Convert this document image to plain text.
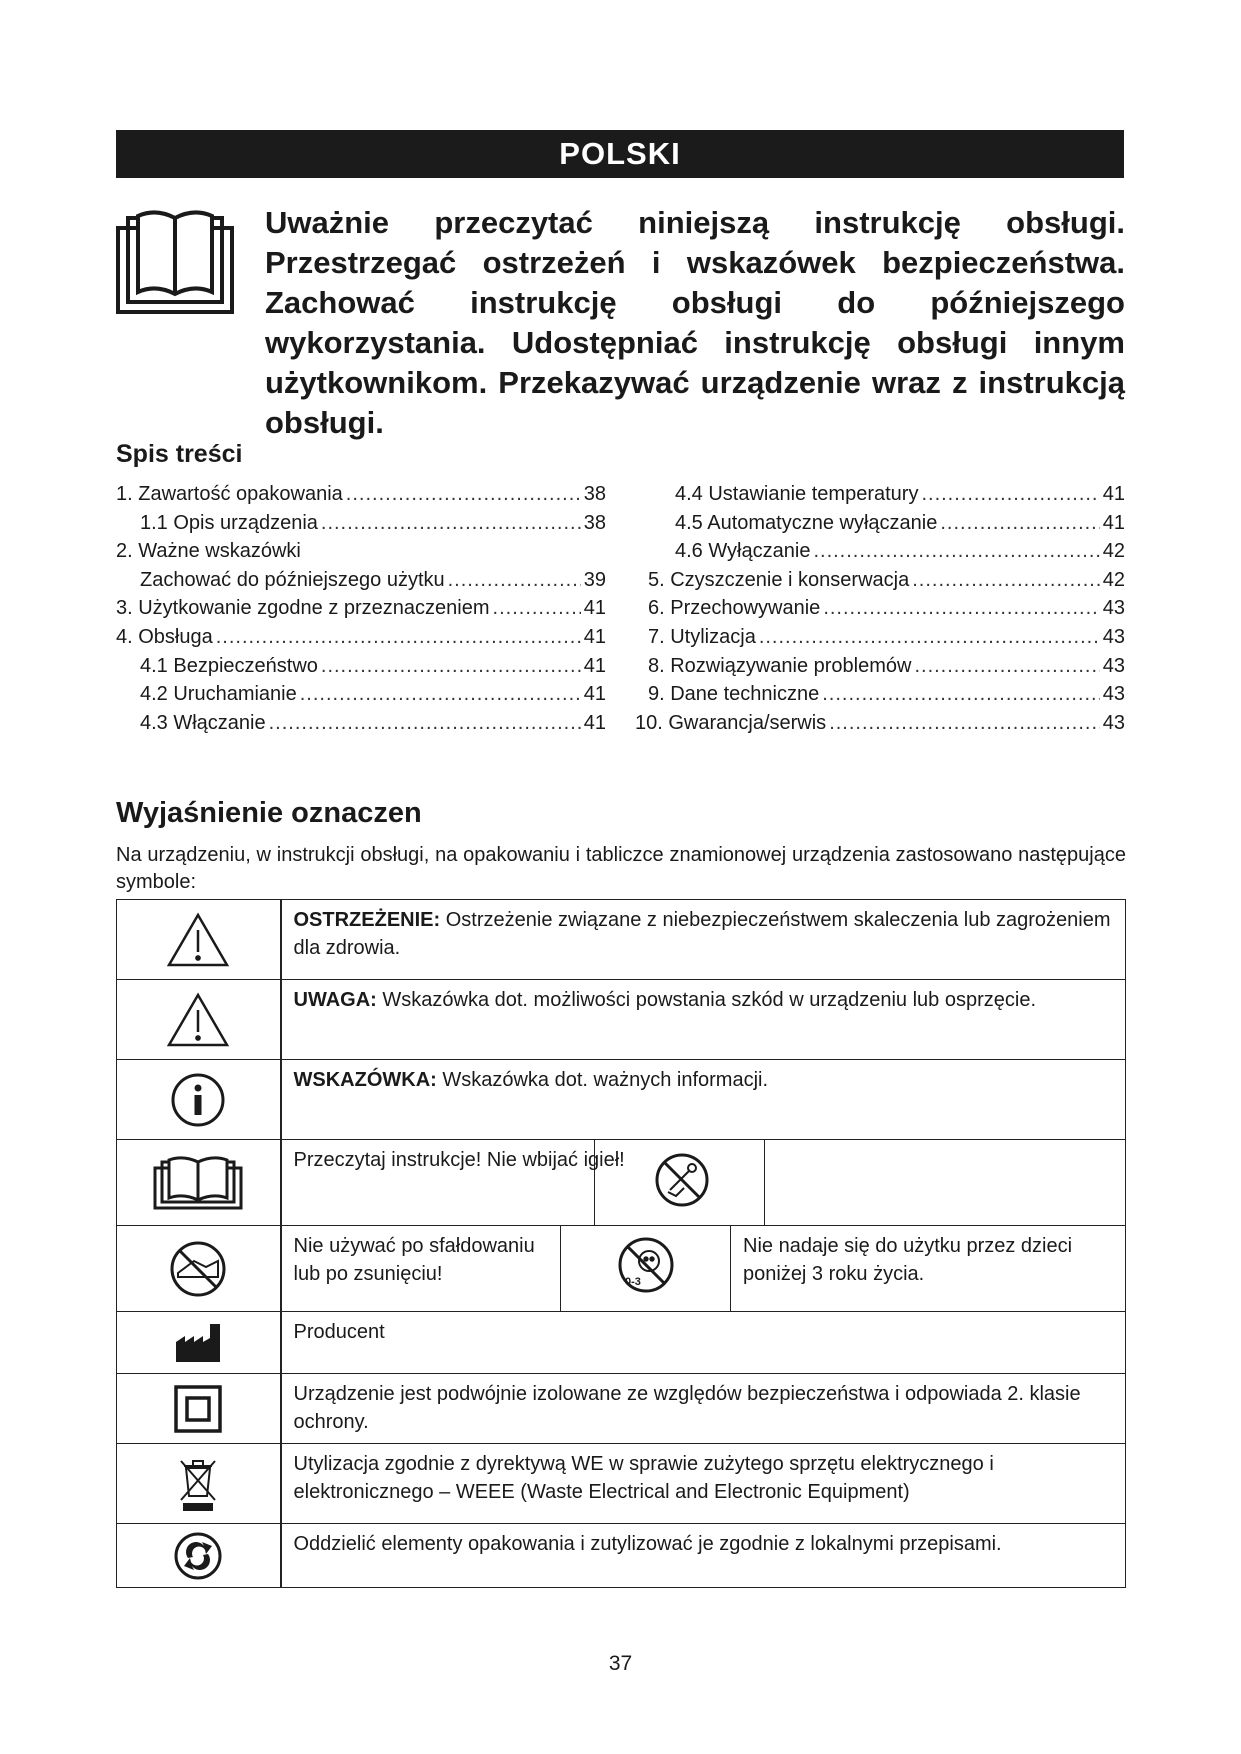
POLSKI
Uważnie przeczytać niniejszą instrukcję obsługi. Przestrzegać ostrzeżeń i wskazówek bezpieczeństwa. Zachować instrukcję obsługi do późniejszego wykorzystania. Udostępniać instrukcję obsługi innym użytkownikom. Przekazywać urządzenie wraz z instrukcją obsługi.
Spis treści
1. Zawartość opakowania .....	38
1.1 Opis urządzenia .....	38
2. Ważne wskazówki
Zachować do późniejszego użytku .....	39
3. Użytkowanie zgodne z przeznaczeniem .....	41
4. Obsługa .....	41
4.1 Bezpieczeństwo .....	41
4.2 Uruchamianie .....	41
4.3 Włączanie .....	41
4.4 Ustawianie temperatury .....	41
4.5 Automatyczne wyłączanie .....	41
4.6 Wyłączanie .....	42
5. Czyszczenie i konserwacja .....	42
6. Przechowywanie .....	43
7. Utylizacja .....	43
8. Rozwiązywanie problemów .....	43
9. Dane techniczne .....	43
10. Gwarancja/serwis .....	43
Wyjaśnienie oznaczen
Na urządzeniu, w instrukcji obsługi, na opakowaniu i tabliczce znamionowej urządzenia zastosowano następujące symbole:
	OSTRZEŻENIE: Ostrzeżenie związane z niebezpieczeństwem skaleczenia lub zagrożeniem dla zdrowia.		

	UWAGA: Wskazówka dot. możliwości powstania szkód w urządzeniu lub osprzęcie.		

	WSKAZÓWKA: Wskazówka dot. ważnych informacji.		

Przeczytaj instrukcje! Nie wbijać igieł!		

	Nie używać po sfałdowaniu lub po zsunięciu!	0-3	Nie nadaje się do użytku przez dzieci poniżej 3 roku życia.

	Producent		

	Urządzenie jest podwójnie izolowane ze względów bezpieczeństwa i odpowiada 2. klasie ochrony.		

	Utylizacja zgodnie z dyrektywą WE w sprawie zużytego sprzętu elektrycznego i elektronicznego – WEEE (Waste Electrical and Electronic Equipment)		

	Oddzielić elementy opakowania i zutylizować je zgodnie z lokalnymi przepisami.		
37
